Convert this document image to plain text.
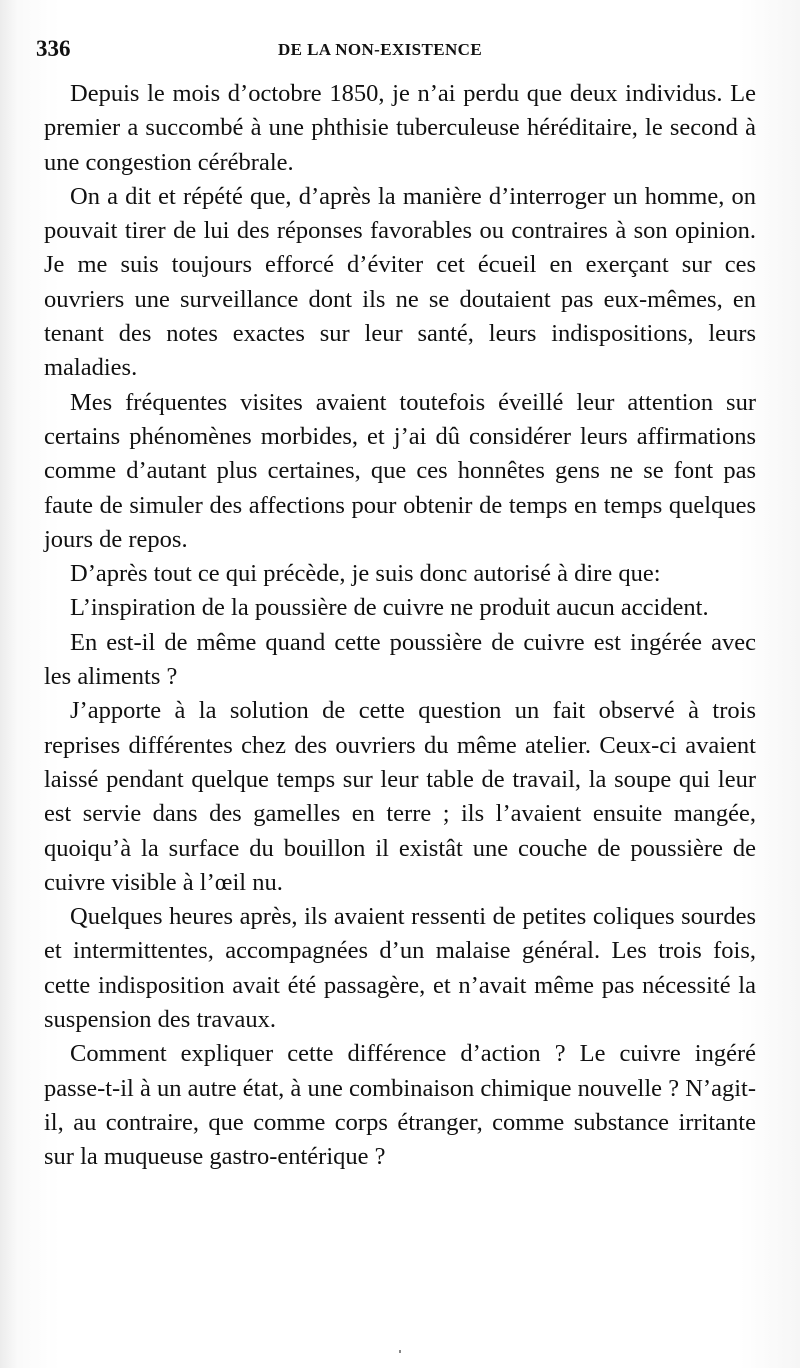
336	DE LA NON-EXISTENCE

Depuis le mois d’octobre 1850, je n’ai perdu que deux individus. Le premier a succombé à une phthisie tuberculeuse héréditaire, le second à une congestion cérébrale.

On a dit et répété que, d’après la manière d’interroger un homme, on pouvait tirer de lui des réponses favorables ou contraires à son opinion. Je me suis toujours efforcé d’éviter cet écueil en exerçant sur ces ouvriers une surveillance dont ils ne se doutaient pas eux-mêmes, en tenant des notes exactes sur leur santé, leurs indispositions, leurs maladies.

Mes fréquentes visites avaient toutefois éveillé leur attention sur certains phénomènes morbides, et j’ai dû considérer leurs affirmations comme d’autant plus certaines, que ces honnêtes gens ne se font pas faute de simuler des affections pour obtenir de temps en temps quelques jours de repos.

D’après tout ce qui précède, je suis donc autorisé à dire que:

L’inspiration de la poussière de cuivre ne produit aucun accident.

En est-il de même quand cette poussière de cuivre est ingérée avec les aliments ?

J’apporte à la solution de cette question un fait observé à trois reprises différentes chez des ouvriers du même atelier. Ceux-ci avaient laissé pendant quelque temps sur leur table de travail, la soupe qui leur est servie dans des gamelles en terre ; ils l’avaient ensuite mangée, quoiqu’à la surface du bouillon il existât une couche de poussière de cuivre visible à l’œil nu.

Quelques heures après, ils avaient ressenti de petites coliques sourdes et intermittentes, accompagnées d’un malaise général. Les trois fois, cette indisposition avait été passagère, et n’avait même pas nécessité la suspension des travaux.

Comment expliquer cette différence d’action ? Le cuivre ingéré passe-t-il à un autre état, à une combinaison chimique nouvelle ? N’agit-il, au contraire, que comme corps étranger, comme substance irritante sur la muqueuse gastro-entérique ?
